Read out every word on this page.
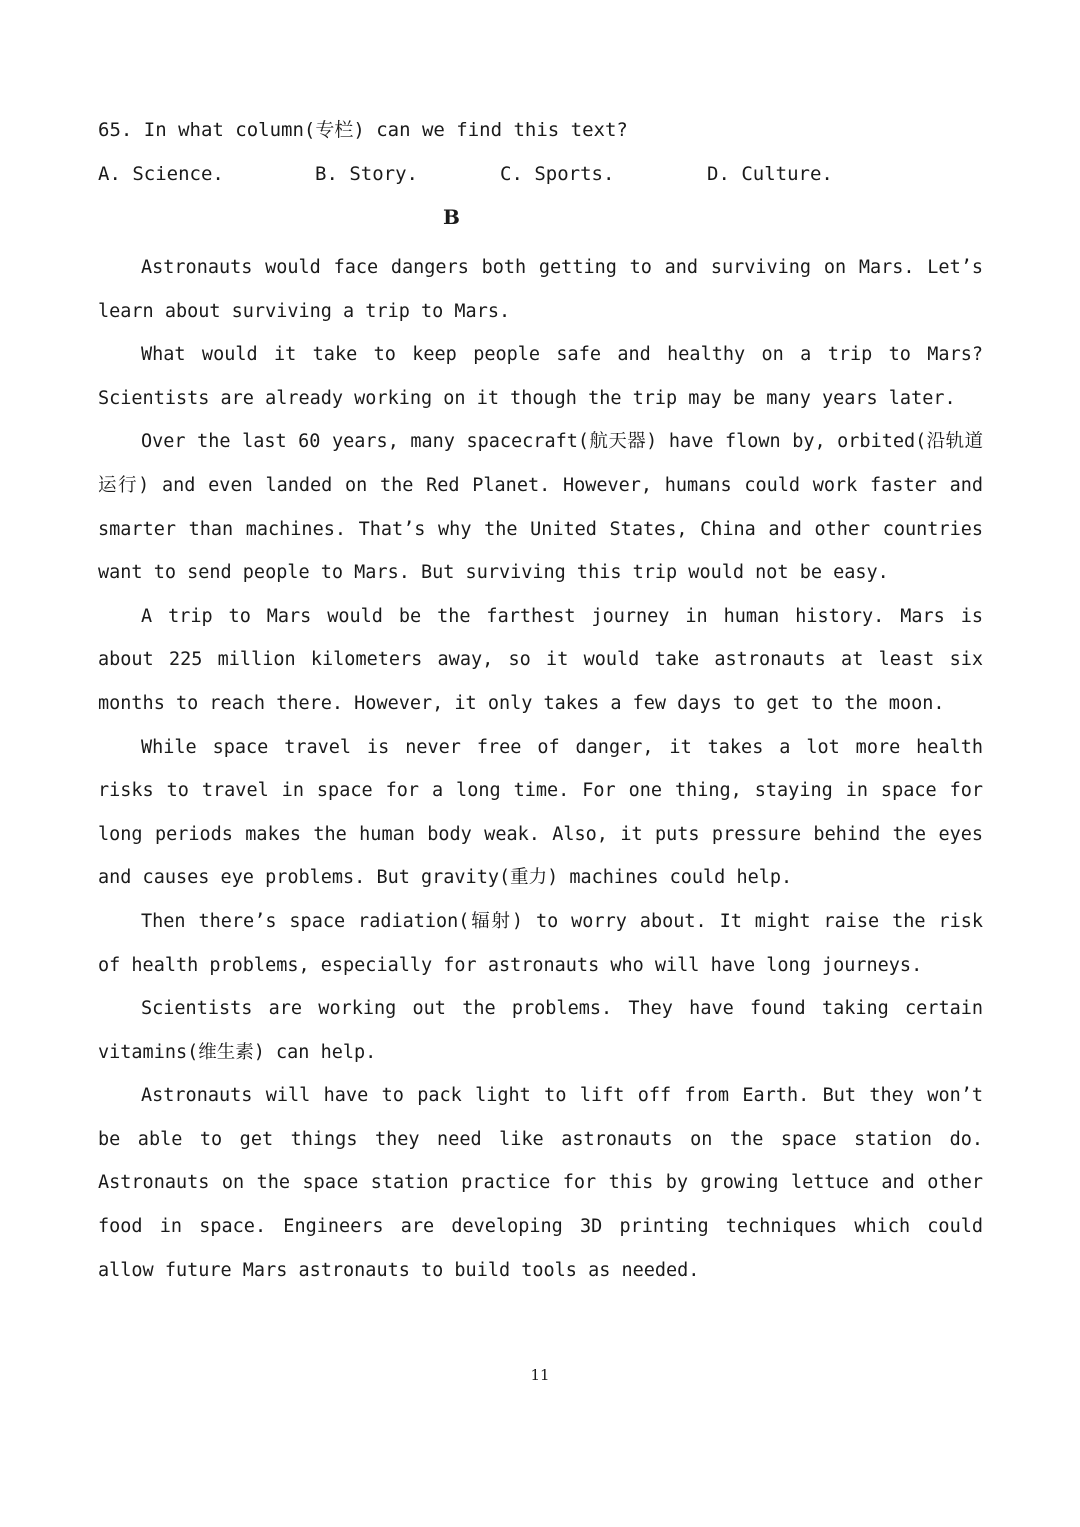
65. In what column(专栏) can we find this text?
A. Science.	B. Story.	C. Sports.	D. Culture.
B

Astronauts would face dangers both getting to and surviving on Mars. Let’s learn about surviving a trip to Mars.

What would it take to keep people safe and healthy on a trip to Mars? Scientists are already working on it though the trip may be many years later.

Over the last 60 years, many spacecraft(航天器) have flown by, orbited(沿轨道运行) and even landed on the Red Planet. However, humans could work faster and smarter than machines. That’s why the United States, China and other countries want to send people to Mars. But surviving this trip would not be easy.

A trip to Mars would be the farthest journey in human history. Mars is about 225 million kilometers away, so it would take astronauts at least six months to reach there. However, it only takes a few days to get to the moon.

While space travel is never free of danger, it takes a lot more health risks to travel in space for a long time. For one thing, staying in space for long periods makes the human body weak. Also, it puts pressure behind the eyes and causes eye problems. But gravity(重力) machines could help.

Then there’s space radiation(辐射) to worry about. It might raise the risk of health problems, especially for astronauts who will have long journeys.

Scientists are working out the problems. They have found taking certain vitamins(维生素) can help.

Astronauts will have to pack light to lift off from Earth. But they won’t be able to get things they need like astronauts on the space station do. Astronauts on the space station practice for this by growing lettuce and other food in space. Engineers are developing 3D printing techniques which could allow future Mars astronauts to build tools as needed.

11
